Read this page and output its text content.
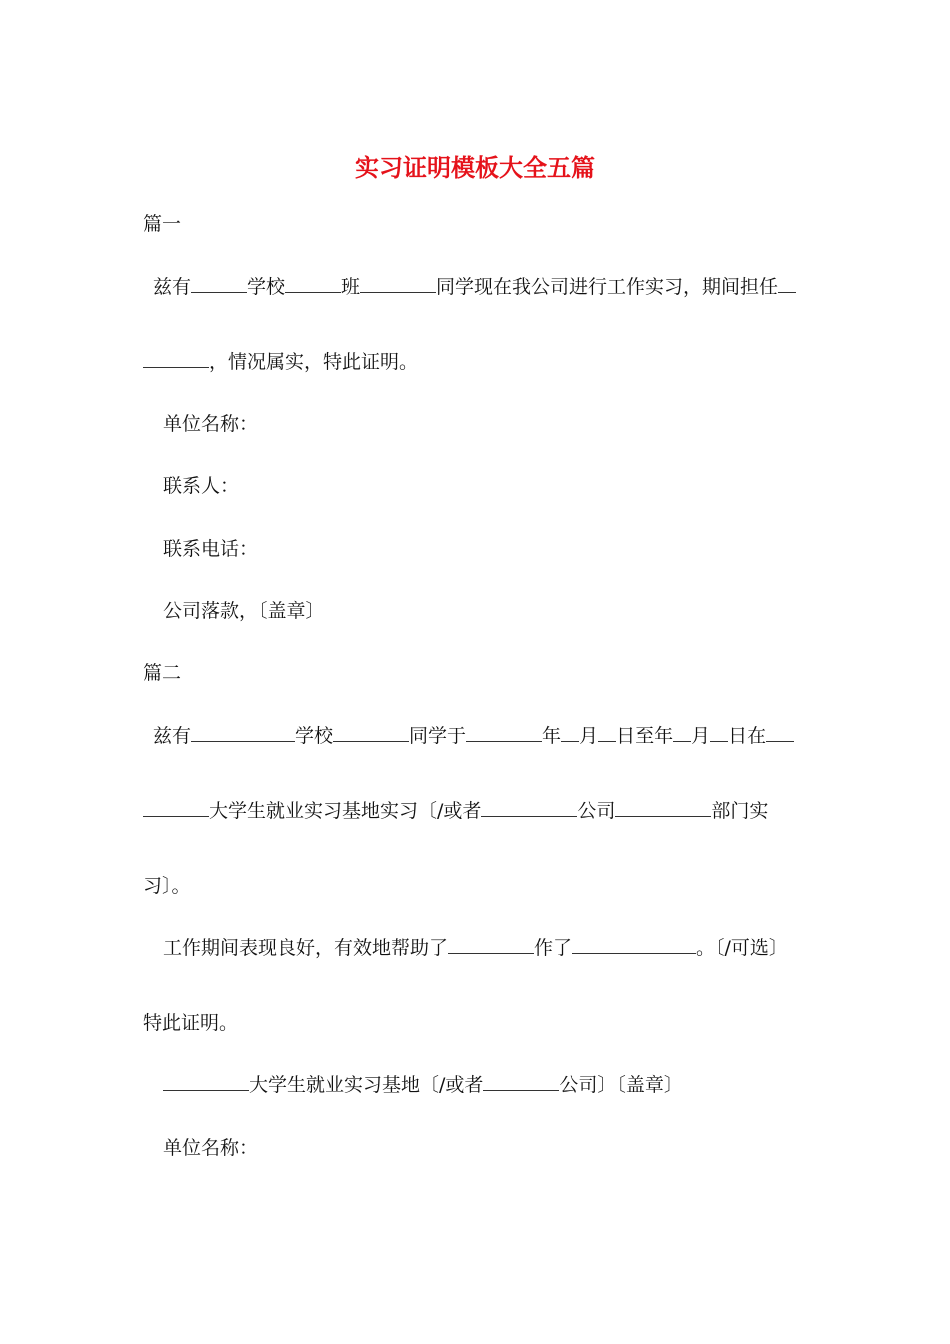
实习证明模板大全五篇
篇一
兹有	学校	班	同学现在我公司进行工作实习，期间担任
，情况属实，特此证明。
单位名称：
联系人：
联系电话：
公司落款，〔盖章〕
篇二
兹有	学校	同学于	年 月 日至年 月 日在
大学生就业实习基地实习〔/或者	公司	部门实
习〕。
工作期间表现良好，有效地帮助了	作了	。〔/可选〕
特此证明。
大学生就业实习基地〔/或者	公司〕〔盖章〕
单位名称：
